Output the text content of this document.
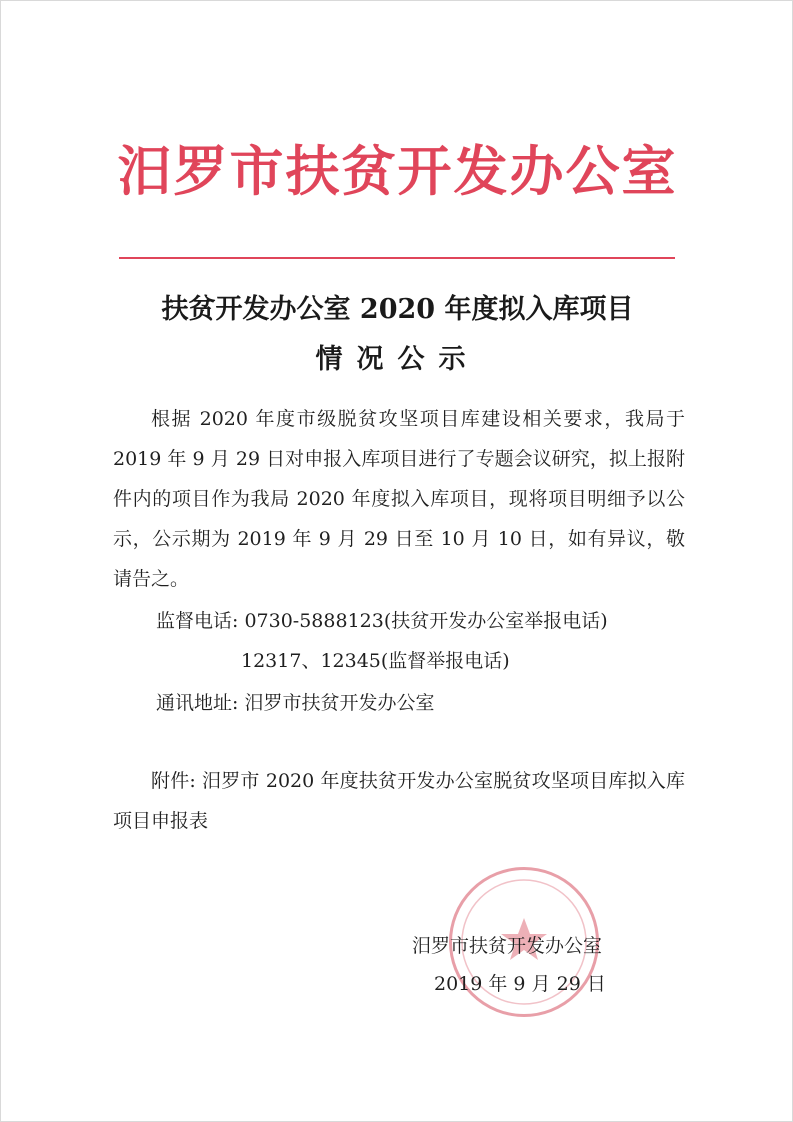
汨罗市扶贫开发办公室
扶贫开发办公室 2020 年度拟入库项目
情况公示
根据 2020 年度市级脱贫攻坚项目库建设相关要求，我局于 2019 年 9 月 29 日对申报入库项目进行了专题会议研究，拟上报附件内的项目作为我局 2020 年度拟入库项目，现将项目明细予以公示，公示期为 2019 年 9 月 29 日至 10 月 10 日，如有异议，敬请告之。
监督电话: 0730-5888123(扶贫开发办公室举报电话)
12317、12345(监督举报电话)
通讯地址: 汨罗市扶贫开发办公室
附件: 汨罗市 2020 年度扶贫开发办公室脱贫攻坚项目库拟入库项目申报表
汨罗市扶贫开发办公室
2019 年 9 月 29 日
